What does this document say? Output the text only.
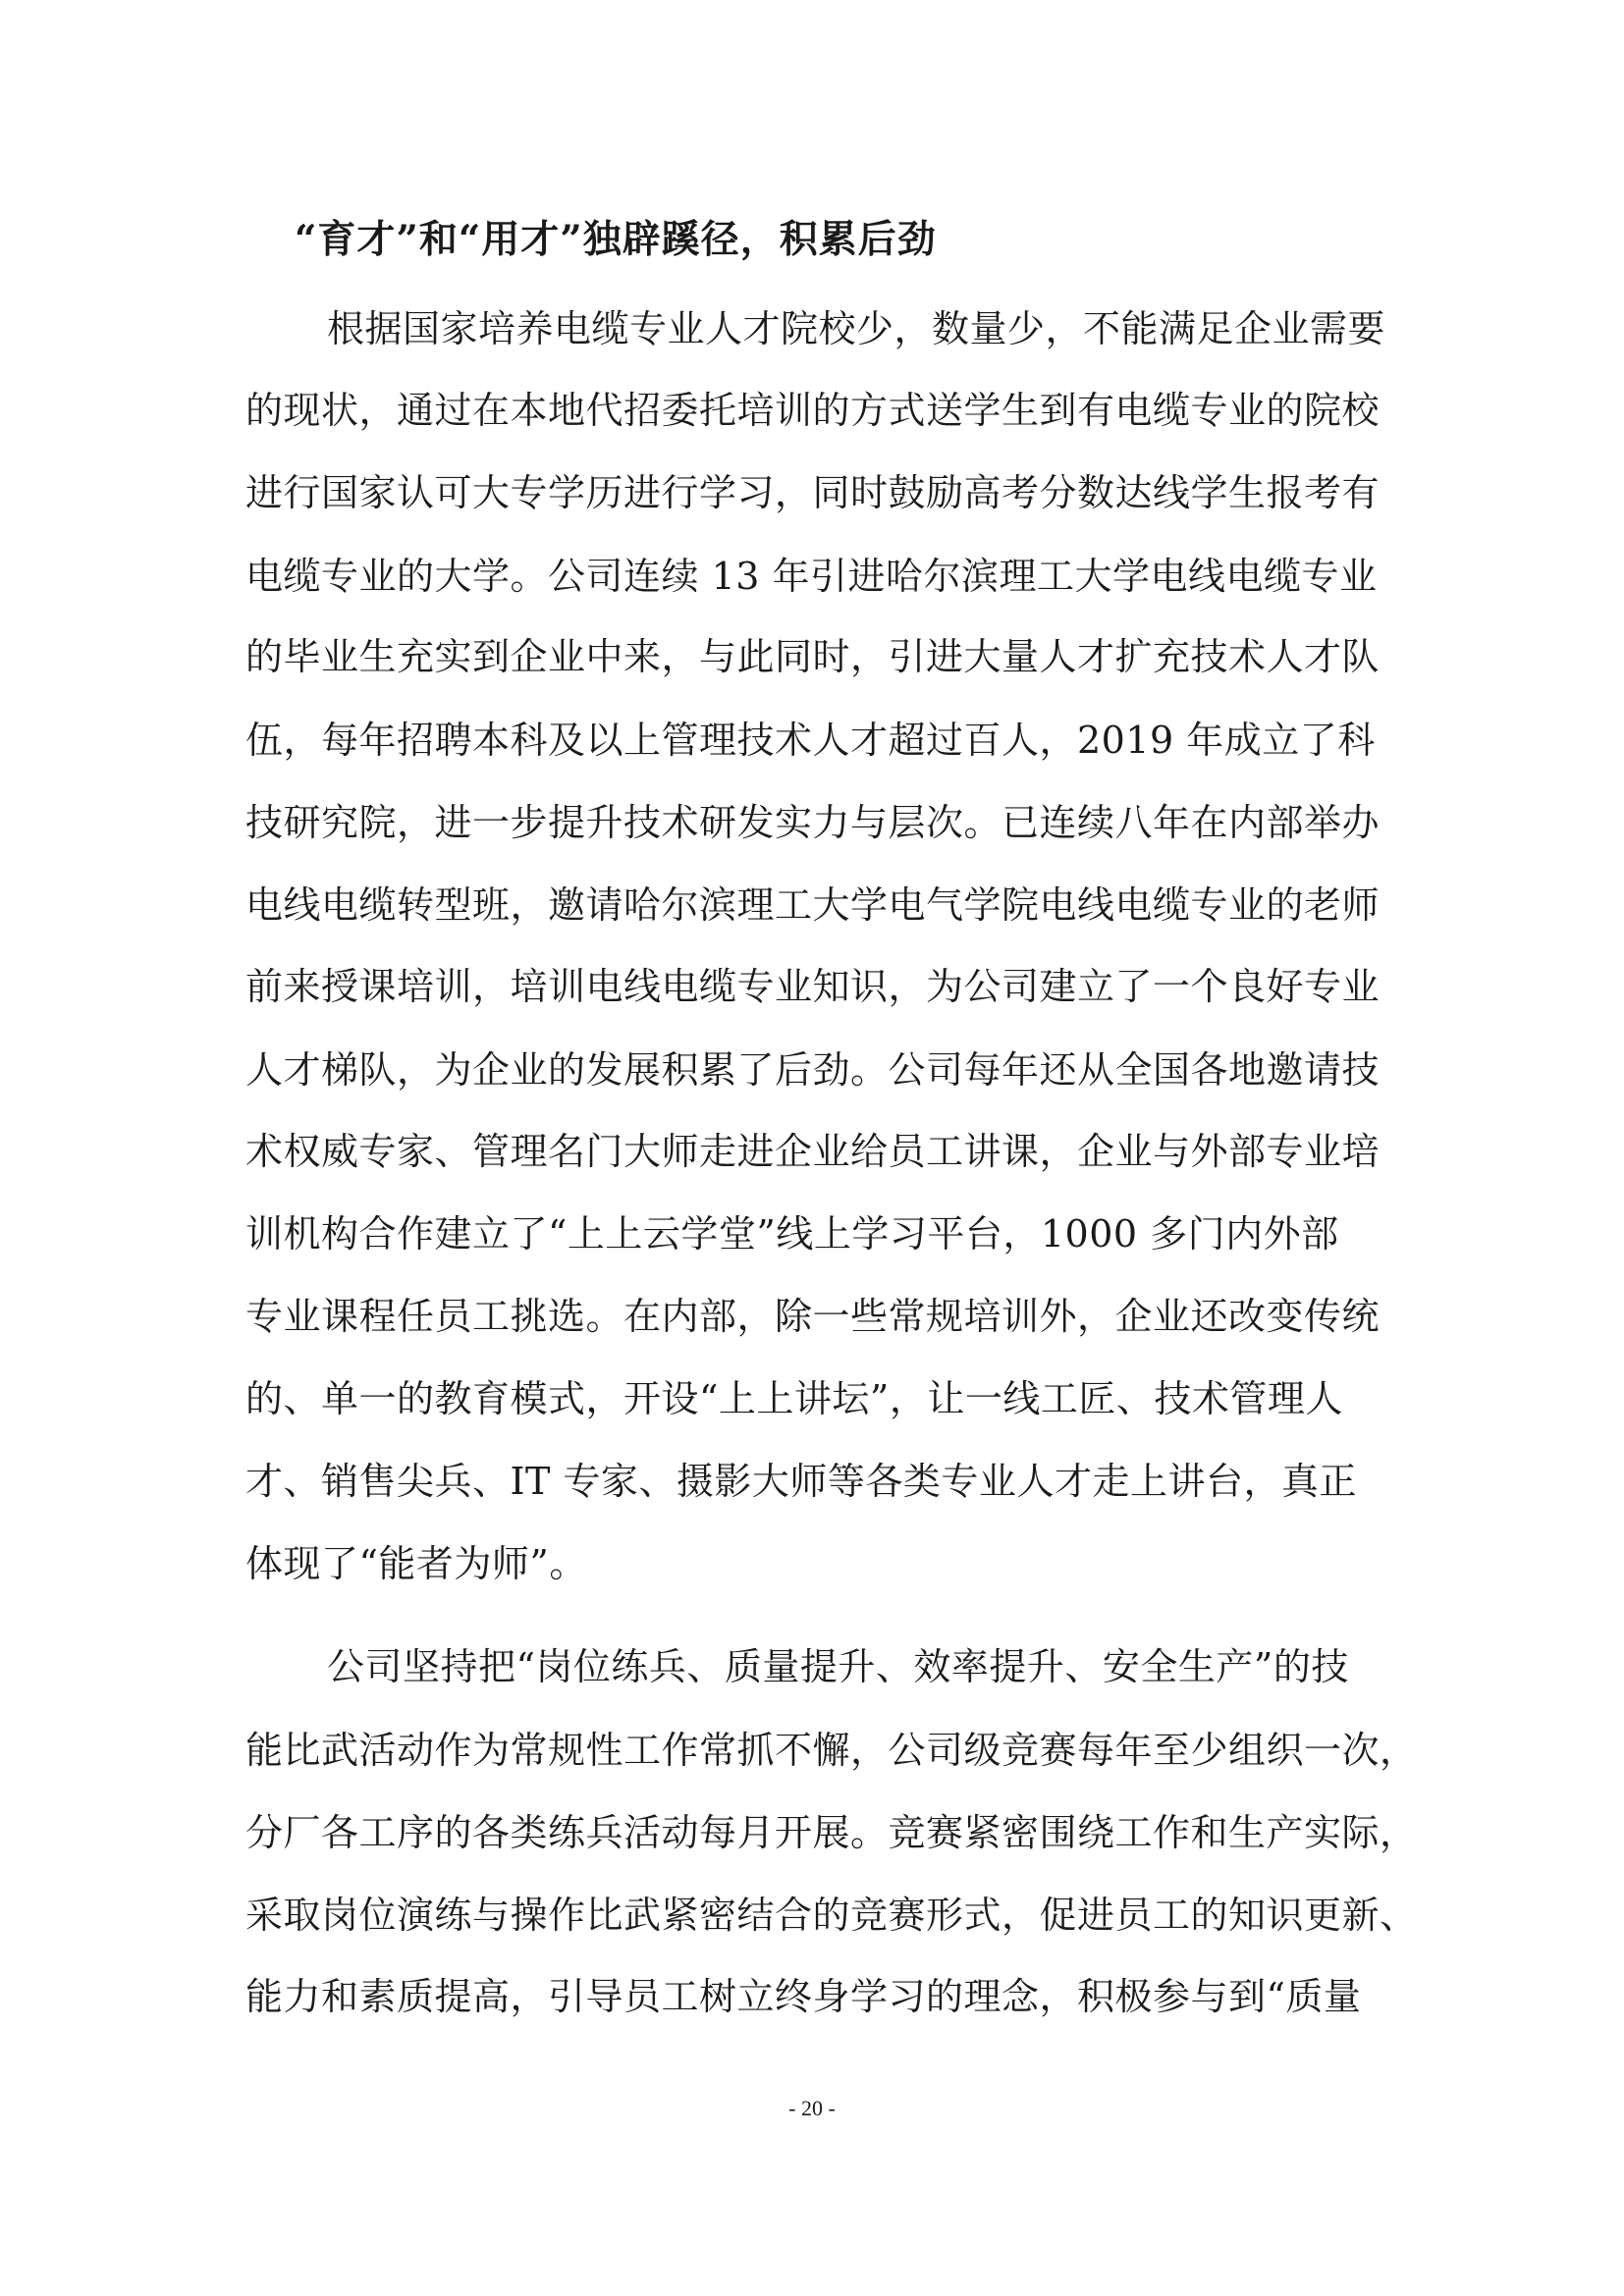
“育才”和“用才”独辟蹊径，积累后劲
根据国家培养电缆专业人才院校少，数量少，不能满足企业需要
的现状，通过在本地代招委托培训的方式送学生到有电缆专业的院校
进行国家认可大专学历进行学习，同时鼓励高考分数达线学生报考有
电缆专业的大学。公司连续 13 年引进哈尔滨理工大学电线电缆专业
的毕业生充实到企业中来，与此同时，引进大量人才扩充技术人才队
伍，每年招聘本科及以上管理技术人才超过百人，2019 年成立了科
技研究院，进一步提升技术研发实力与层次。已连续八年在内部举办
电线电缆转型班，邀请哈尔滨理工大学电气学院电线电缆专业的老师
前来授课培训，培训电线电缆专业知识，为公司建立了一个良好专业
人才梯队，为企业的发展积累了后劲。公司每年还从全国各地邀请技
术权威专家、管理名门大师走进企业给员工讲课，企业与外部专业培
训机构合作建立了“上上云学堂”线上学习平台，1000 多门内外部
专业课程任员工挑选。在内部，除一些常规培训外，企业还改变传统
的、单一的教育模式，开设“上上讲坛”，让一线工匠、技术管理人
才、销售尖兵、IT 专家、摄影大师等各类专业人才走上讲台，真正
体现了“能者为师”。
公司坚持把“岗位练兵、质量提升、效率提升、安全生产”的技
能比武活动作为常规性工作常抓不懈，公司级竞赛每年至少组织一次，
分厂各工序的各类练兵活动每月开展。竞赛紧密围绕工作和生产实际，
采取岗位演练与操作比武紧密结合的竞赛形式，促进员工的知识更新、
能力和素质提高，引导员工树立终身学习的理念，积极参与到“质量
- 20 -
